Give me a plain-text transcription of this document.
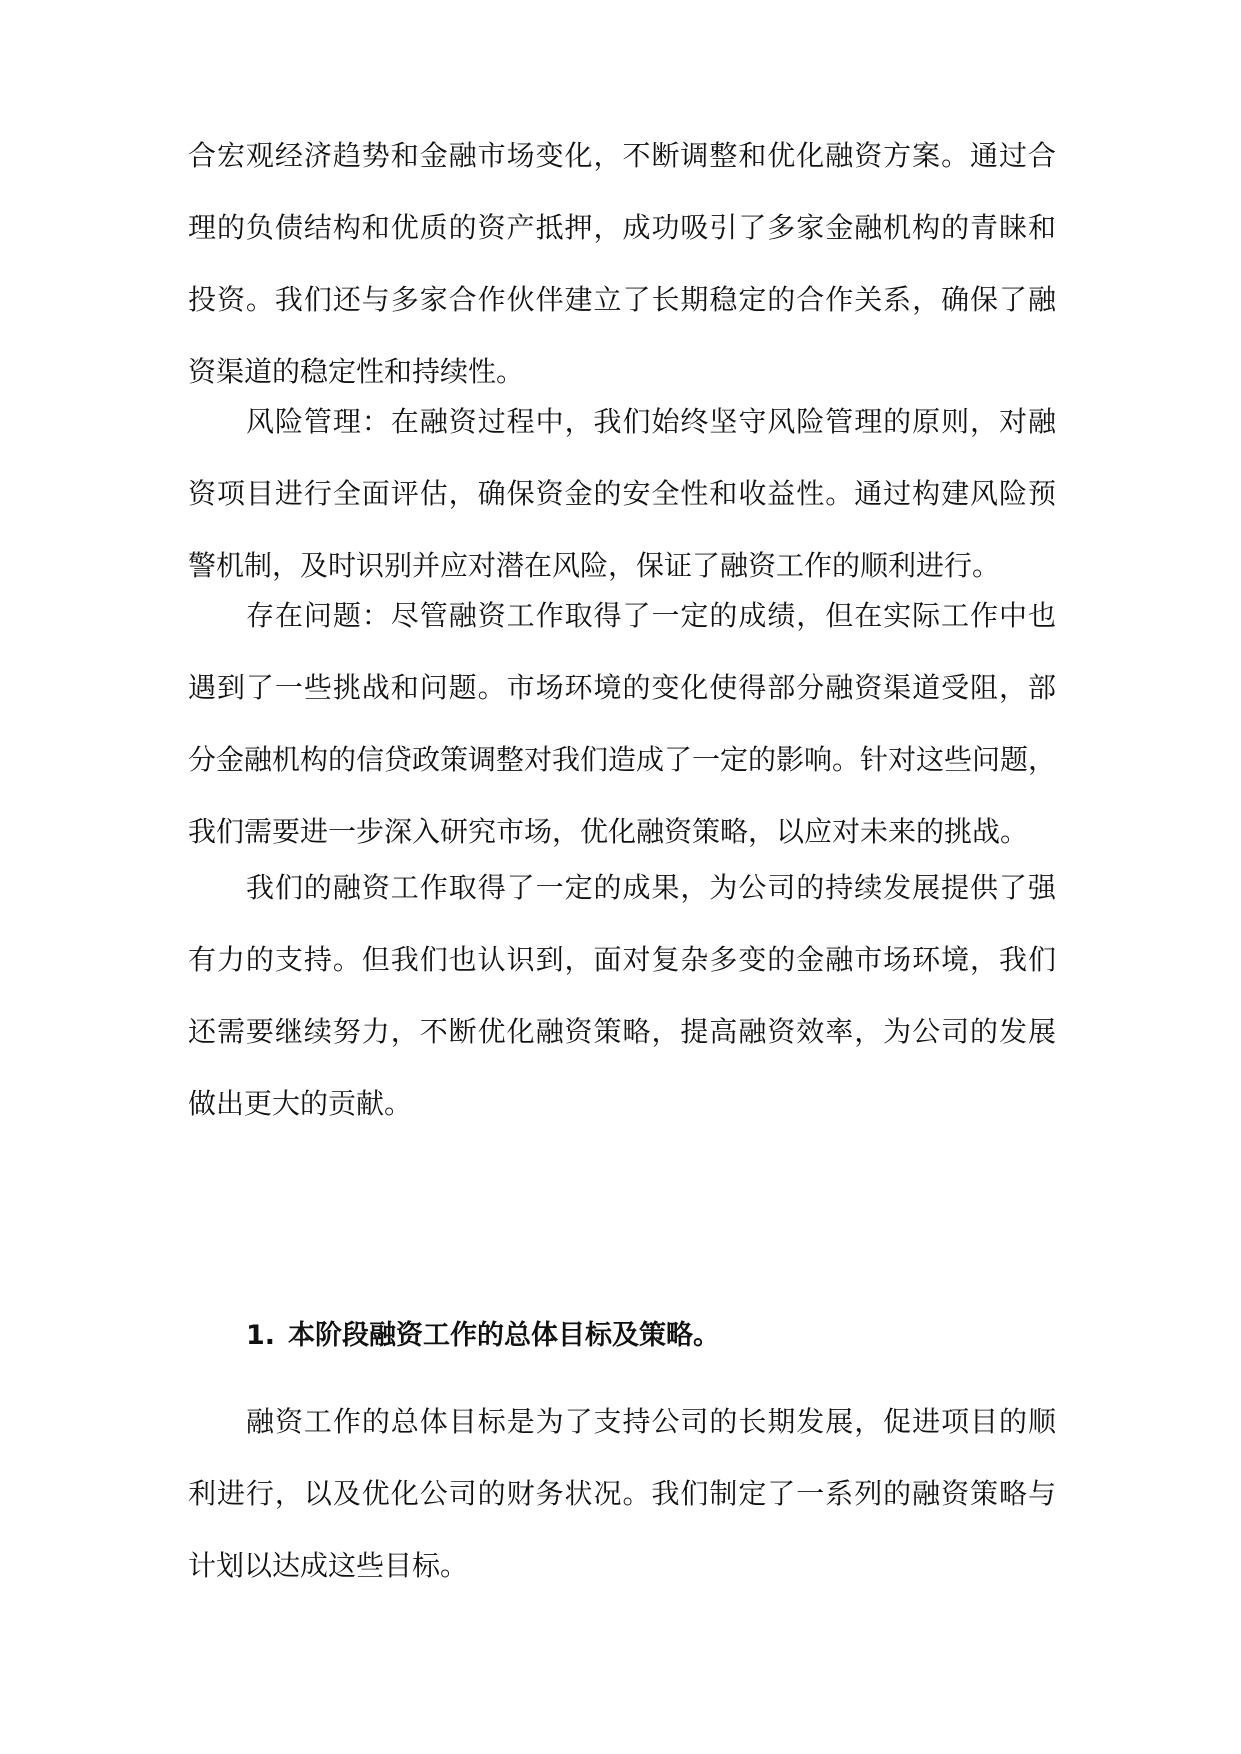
合宏观经济趋势和金融市场变化，不断调整和优化融资方案。通过合
理的负债结构和优质的资产抵押，成功吸引了多家金融机构的青睐和
投资。我们还与多家合作伙伴建立了长期稳定的合作关系，确保了融
资渠道的稳定性和持续性。
风险管理：在融资过程中，我们始终坚守风险管理的原则，对融
资项目进行全面评估，确保资金的安全性和收益性。通过构建风险预
警机制，及时识别并应对潜在风险，保证了融资工作的顺利进行。
存在问题：尽管融资工作取得了一定的成绩，但在实际工作中也
遇到了一些挑战和问题。市场环境的变化使得部分融资渠道受阻，部
分金融机构的信贷政策调整对我们造成了一定的影响。针对这些问题，
我们需要进一步深入研究市场，优化融资策略，以应对未来的挑战。
我们的融资工作取得了一定的成果，为公司的持续发展提供了强
有力的支持。但我们也认识到，面对复杂多变的金融市场环境，我们
还需要继续努力，不断优化融资策略，提高融资效率，为公司的发展
做出更大的贡献。
1. 本阶段融资工作的总体目标及策略。
融资工作的总体目标是为了支持公司的长期发展，促进项目的顺
利进行，以及优化公司的财务状况。我们制定了一系列的融资策略与
计划以达成这些目标。
